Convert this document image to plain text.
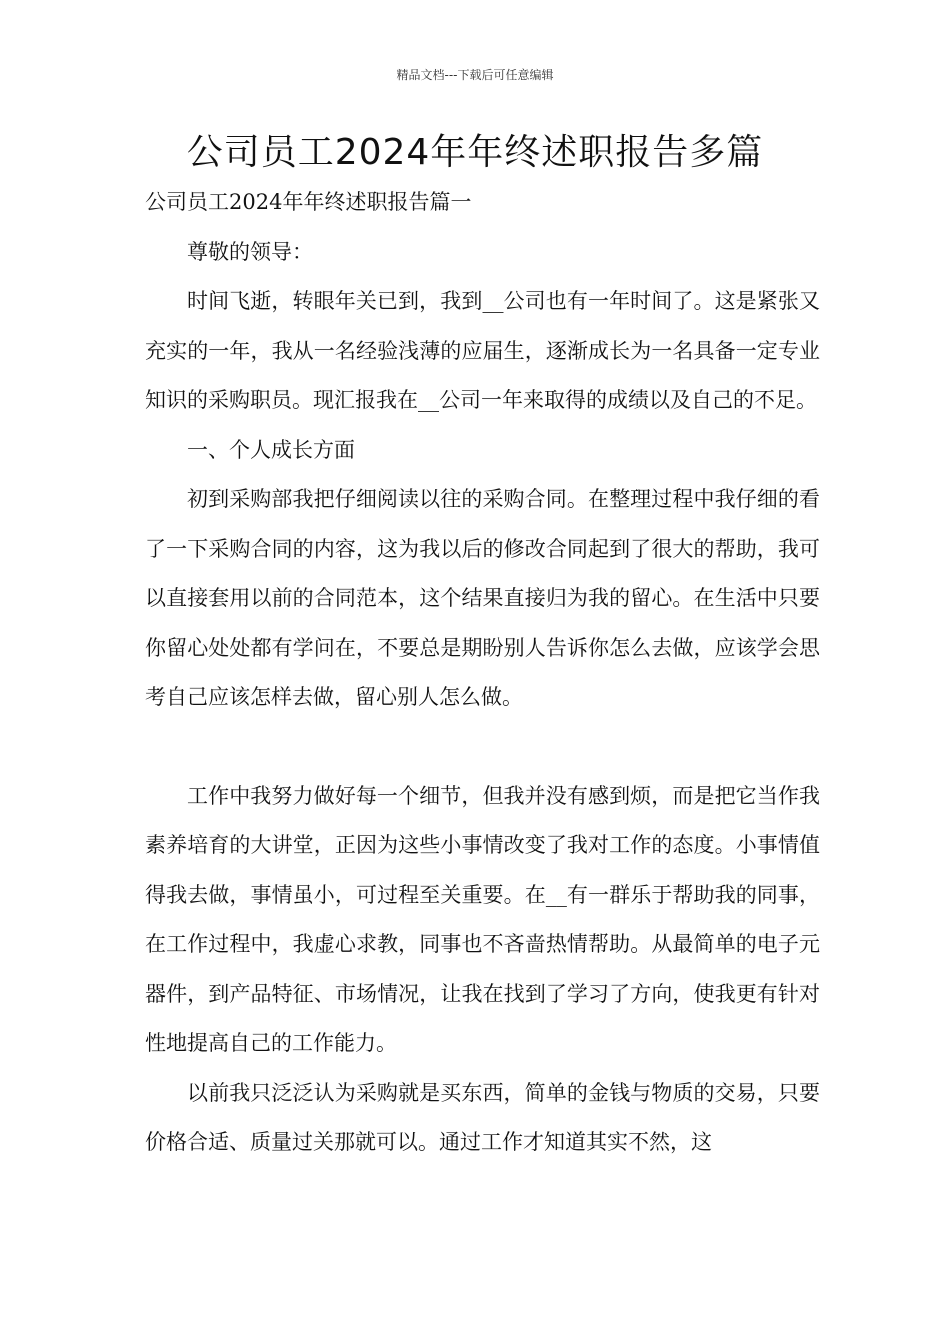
精品文档---下载后可任意编辑
公司员工2024年年终述职报告多篇

公司员工2024年年终述职报告篇一

尊敬的领导：

时间飞逝，转眼年关已到，我到__公司也有一年时间了。这是紧张又充实的一年，我从一名经验浅薄的应届生，逐渐成长为一名具备一定专业知识的采购职员。现汇报我在__公司一年来取得的成绩以及自己的不足。

一、个人成长方面

初到采购部我把仔细阅读以往的采购合同。在整理过程中我仔细的看了一下采购合同的内容，这为我以后的修改合同起到了很大的帮助，我可以直接套用以前的合同范本，这个结果直接归为我的留心。在生活中只要你留心处处都有学问在，不要总是期盼别人告诉你怎么去做，应该学会思考自己应该怎样去做，留心别人怎么做。

工作中我努力做好每一个细节，但我并没有感到烦，而是把它当作我素养培育的大讲堂，正因为这些小事情改变了我对工作的态度。小事情值得我去做，事情虽小，可过程至关重要。在__有一群乐于帮助我的同事，在工作过程中，我虚心求教，同事也不吝啬热情帮助。从最简单的电子元器件，到产品特征、市场情况，让我在找到了学习了方向，使我更有针对性地提高自己的工作能力。

以前我只泛泛认为采购就是买东西，简单的金钱与物质的交易，只要价格合适、质量过关那就可以。通过工作才知道其实不然，这
